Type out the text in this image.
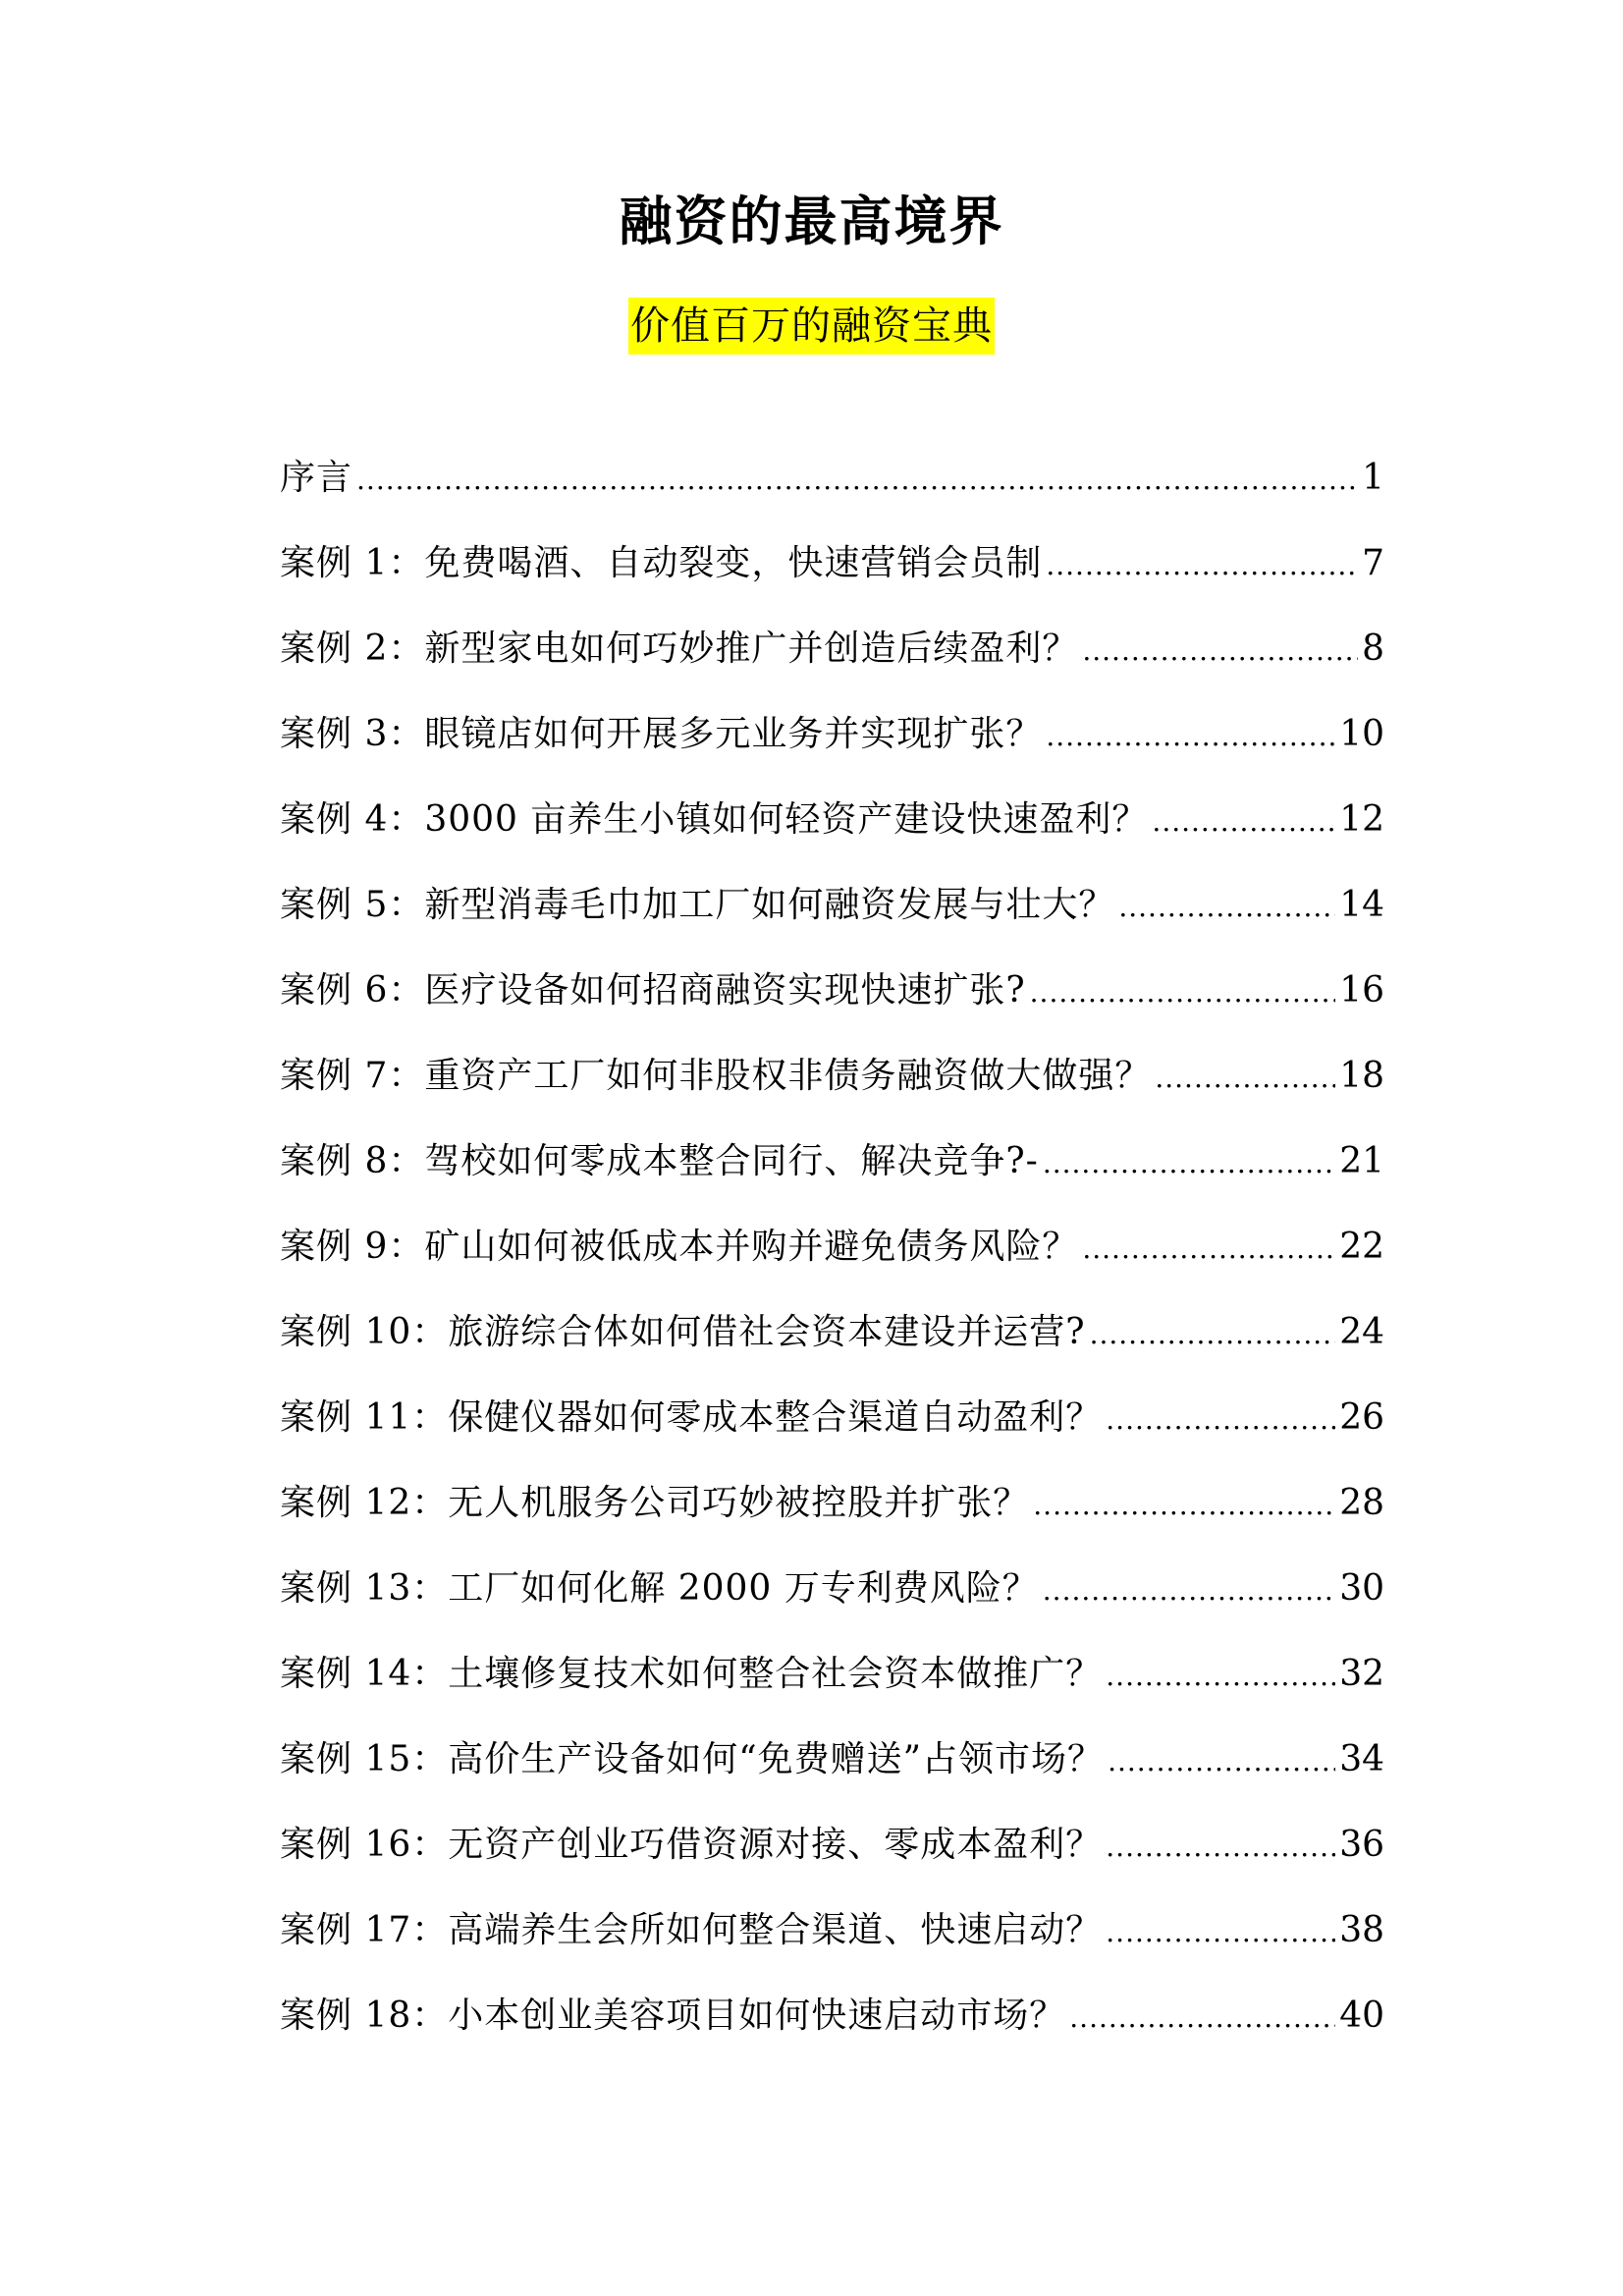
融资的最高境界
价值百万的融资宝典
序言 .....	1
案例 1：免费喝酒、自动裂变，快速营销会员制 .....	7
案例 2：新型家电如何巧妙推广并创造后续盈利？ .....	8
案例 3：眼镜店如何开展多元业务并实现扩张？ .....	10
案例 4：3000 亩养生小镇如何轻资产建设快速盈利？ .....	12
案例 5：新型消毒毛巾加工厂如何融资发展与壮大？ .....	14
案例 6：医疗设备如何招商融资实现快速扩张? .....	16
案例 7：重资产工厂如何非股权非债务融资做大做强？ .....	18
案例 8：驾校如何零成本整合同行、解决竞争?- .....	21
案例 9：矿山如何被低成本并购并避免债务风险？ .....	22
案例 10：旅游综合体如何借社会资本建设并运营? .....	24
案例 11：保健仪器如何零成本整合渠道自动盈利？ .....	26
案例 12：无人机服务公司巧妙被控股并扩张？ .....	28
案例 13：工厂如何化解 2000 万专利费风险？ .....	30
案例 14：土壤修复技术如何整合社会资本做推广？ .....	32
案例 15：高价生产设备如何“免费赠送”占领市场？ .....	34
案例 16：无资产创业巧借资源对接、零成本盈利？ .....	36
案例 17：高端养生会所如何整合渠道、快速启动？ .....	38
案例 18：小本创业美容项目如何快速启动市场？ .....	40
